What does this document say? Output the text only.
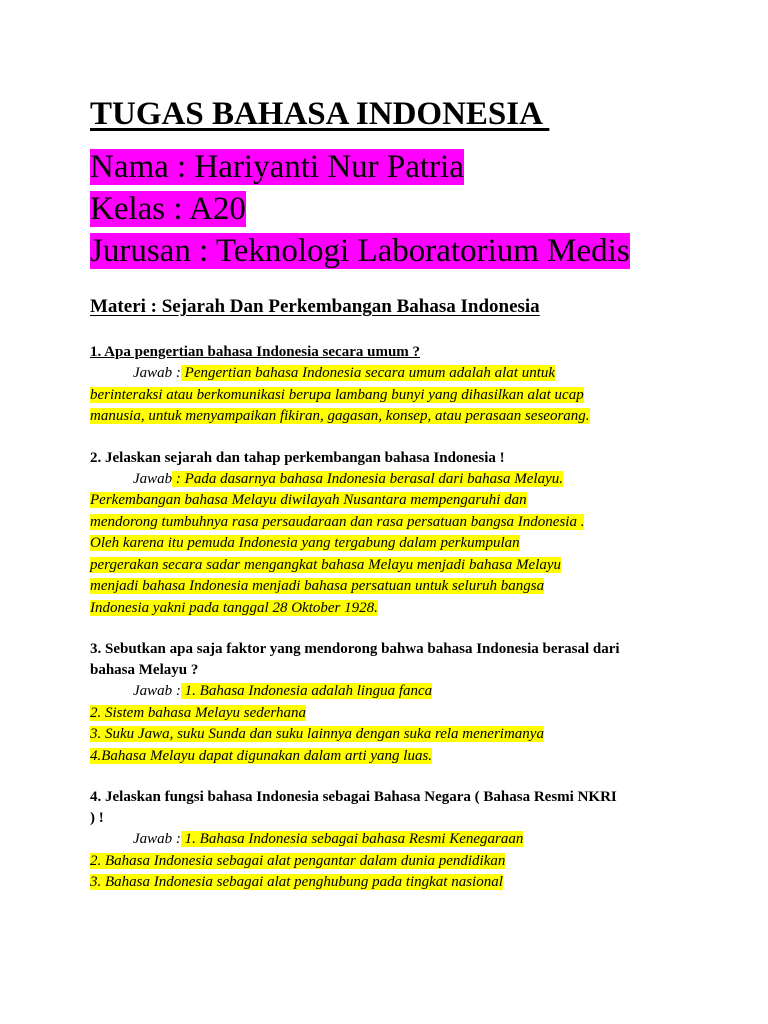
TUGAS BAHASA INDONESIA
Nama : Hariyanti Nur Patria
Kelas : A20
Jurusan : Teknologi Laboratorium Medis
Materi : Sejarah Dan Perkembangan Bahasa Indonesia
1. Apa pengertian bahasa Indonesia secara umum ?
Jawab : Pengertian bahasa Indonesia secara umum adalah alat untuk
berinteraksi atau berkomunikasi berupa lambang bunyi yang dihasilkan alat ucap
manusia, untuk menyampaikan fikiran, gagasan, konsep, atau perasaan seseorang.
2. Jelaskan sejarah dan tahap perkembangan bahasa Indonesia !
Jawab : Pada dasarnya bahasa Indonesia berasal dari bahasa Melayu.
Perkembangan bahasa Melayu diwilayah Nusantara mempengaruhi dan
mendorong tumbuhnya rasa persaudaraan dan rasa persatuan bangsa Indonesia .
Oleh karena itu pemuda Indonesia yang tergabung dalam perkumpulan
pergerakan secara sadar mengangkat bahasa Melayu menjadi bahasa Melayu
menjadi bahasa Indonesia menjadi bahasa persatuan untuk seluruh bangsa
Indonesia yakni pada tanggal 28 Oktober 1928.
3. Sebutkan apa saja faktor yang mendorong bahwa bahasa Indonesia berasal dari
bahasa Melayu ?
Jawab : 1. Bahasa Indonesia adalah lingua fanca
2. Sistem bahasa Melayu sederhana
3. Suku Jawa, suku Sunda dan suku lainnya dengan suka rela menerimanya
4.Bahasa Melayu dapat digunakan dalam arti yang luas.
4. Jelaskan fungsi bahasa Indonesia sebagai Bahasa Negara ( Bahasa Resmi NKRI
) !
Jawab : 1. Bahasa Indonesia sebagai bahasa Resmi Kenegaraan
2. Bahasa Indonesia sebagai alat pengantar dalam dunia pendidikan
3. Bahasa Indonesia sebagai alat penghubung pada tingkat nasional
